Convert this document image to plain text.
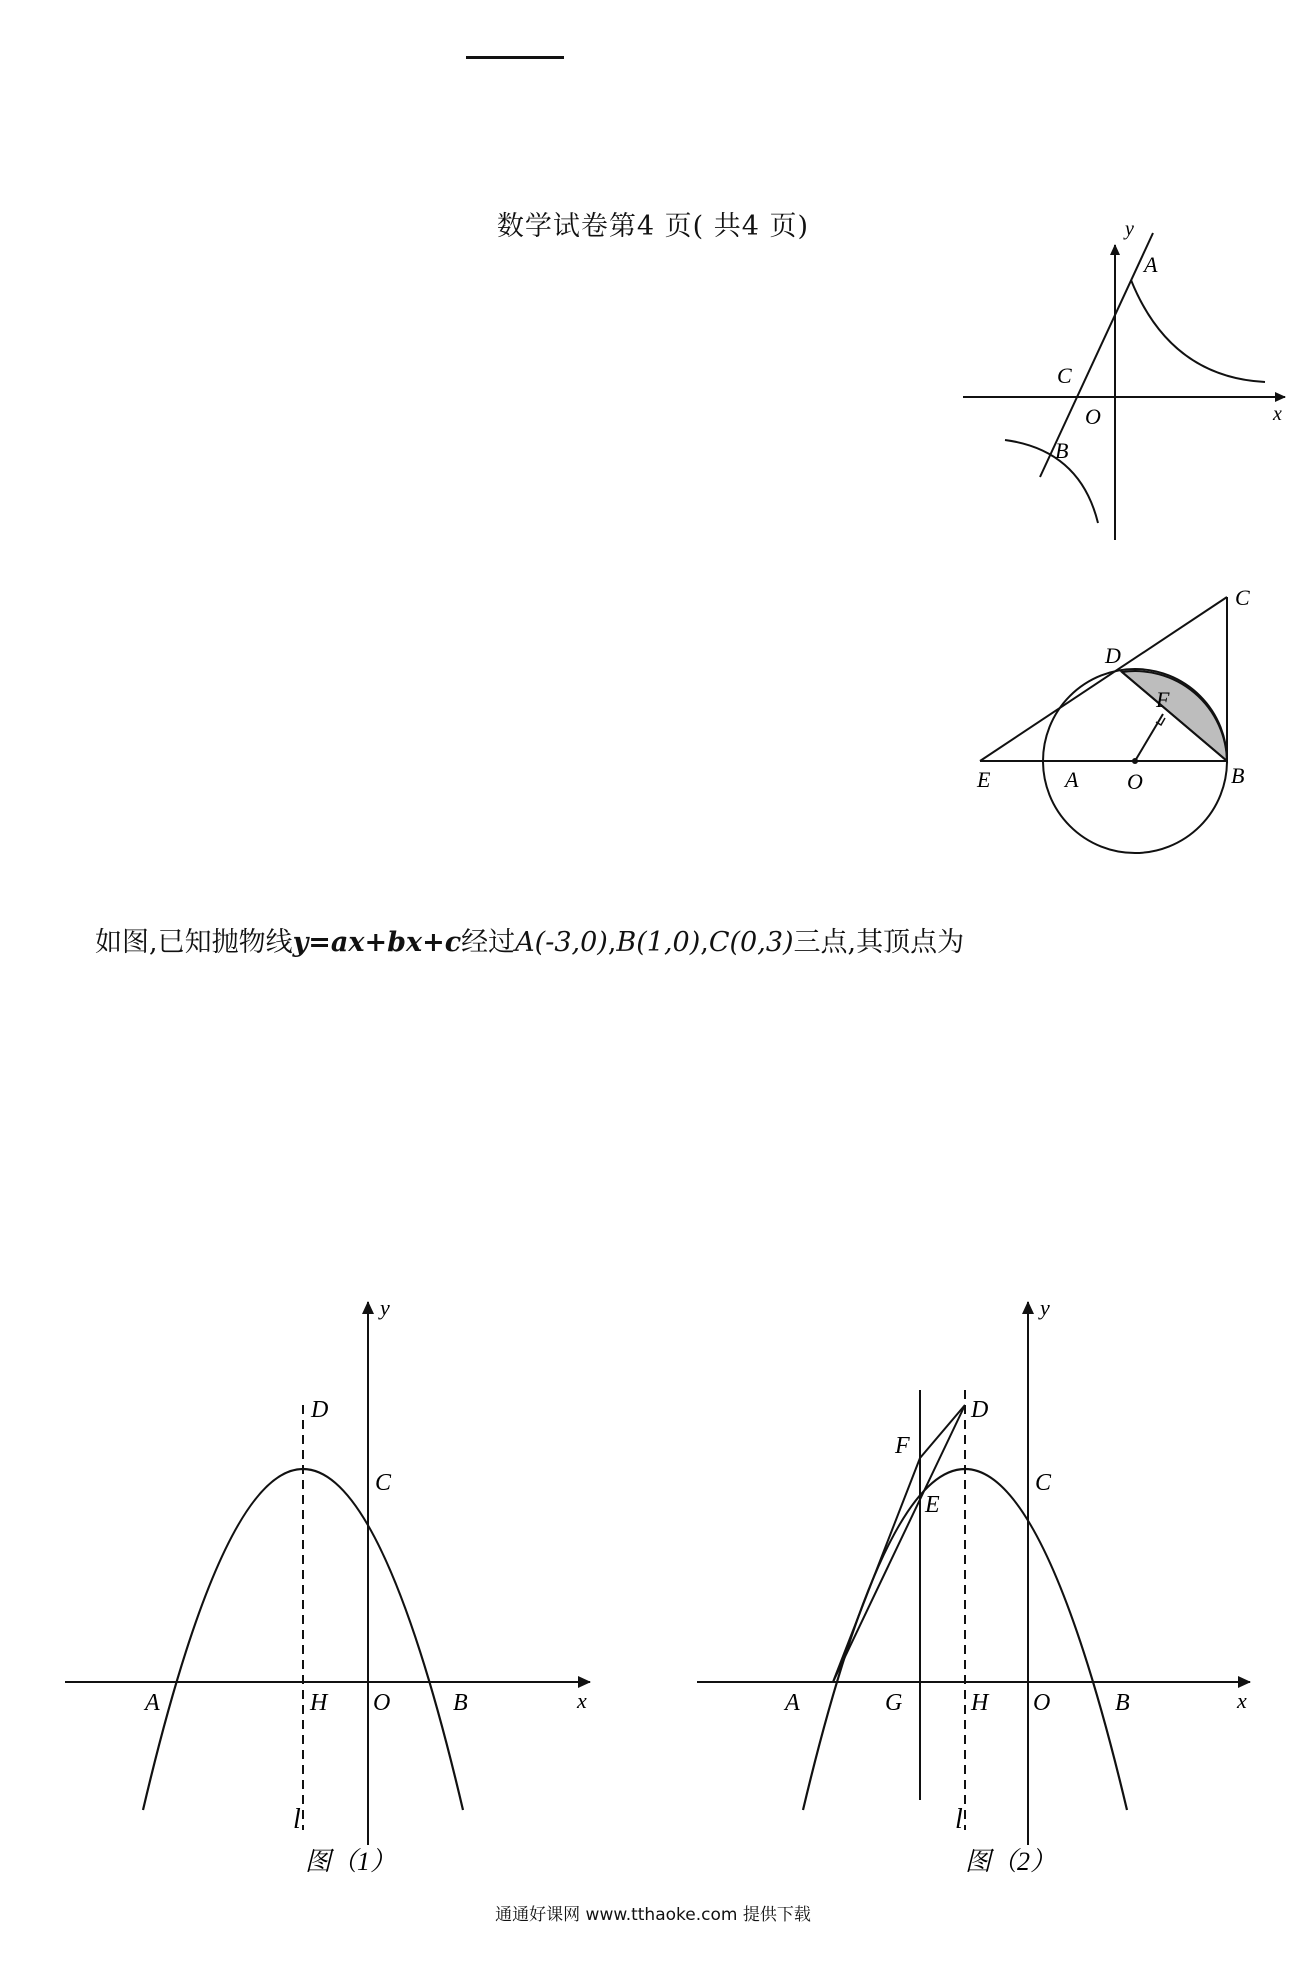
数学试卷第4 页( 共4 页)	y
x
A
B
C
O
C
D
F
E	A O	B
如图,已知抛物线y=ax+bx+c经过A(-3,0),B(1,0),C(0,3)三点,其顶点为
y
x
D
C
A	H O	B
l
图（1）
y
x
D
F
C
E
A	G	H O	B
l
图（2）
通通好课网 www.tthaoke.com 提供下载
